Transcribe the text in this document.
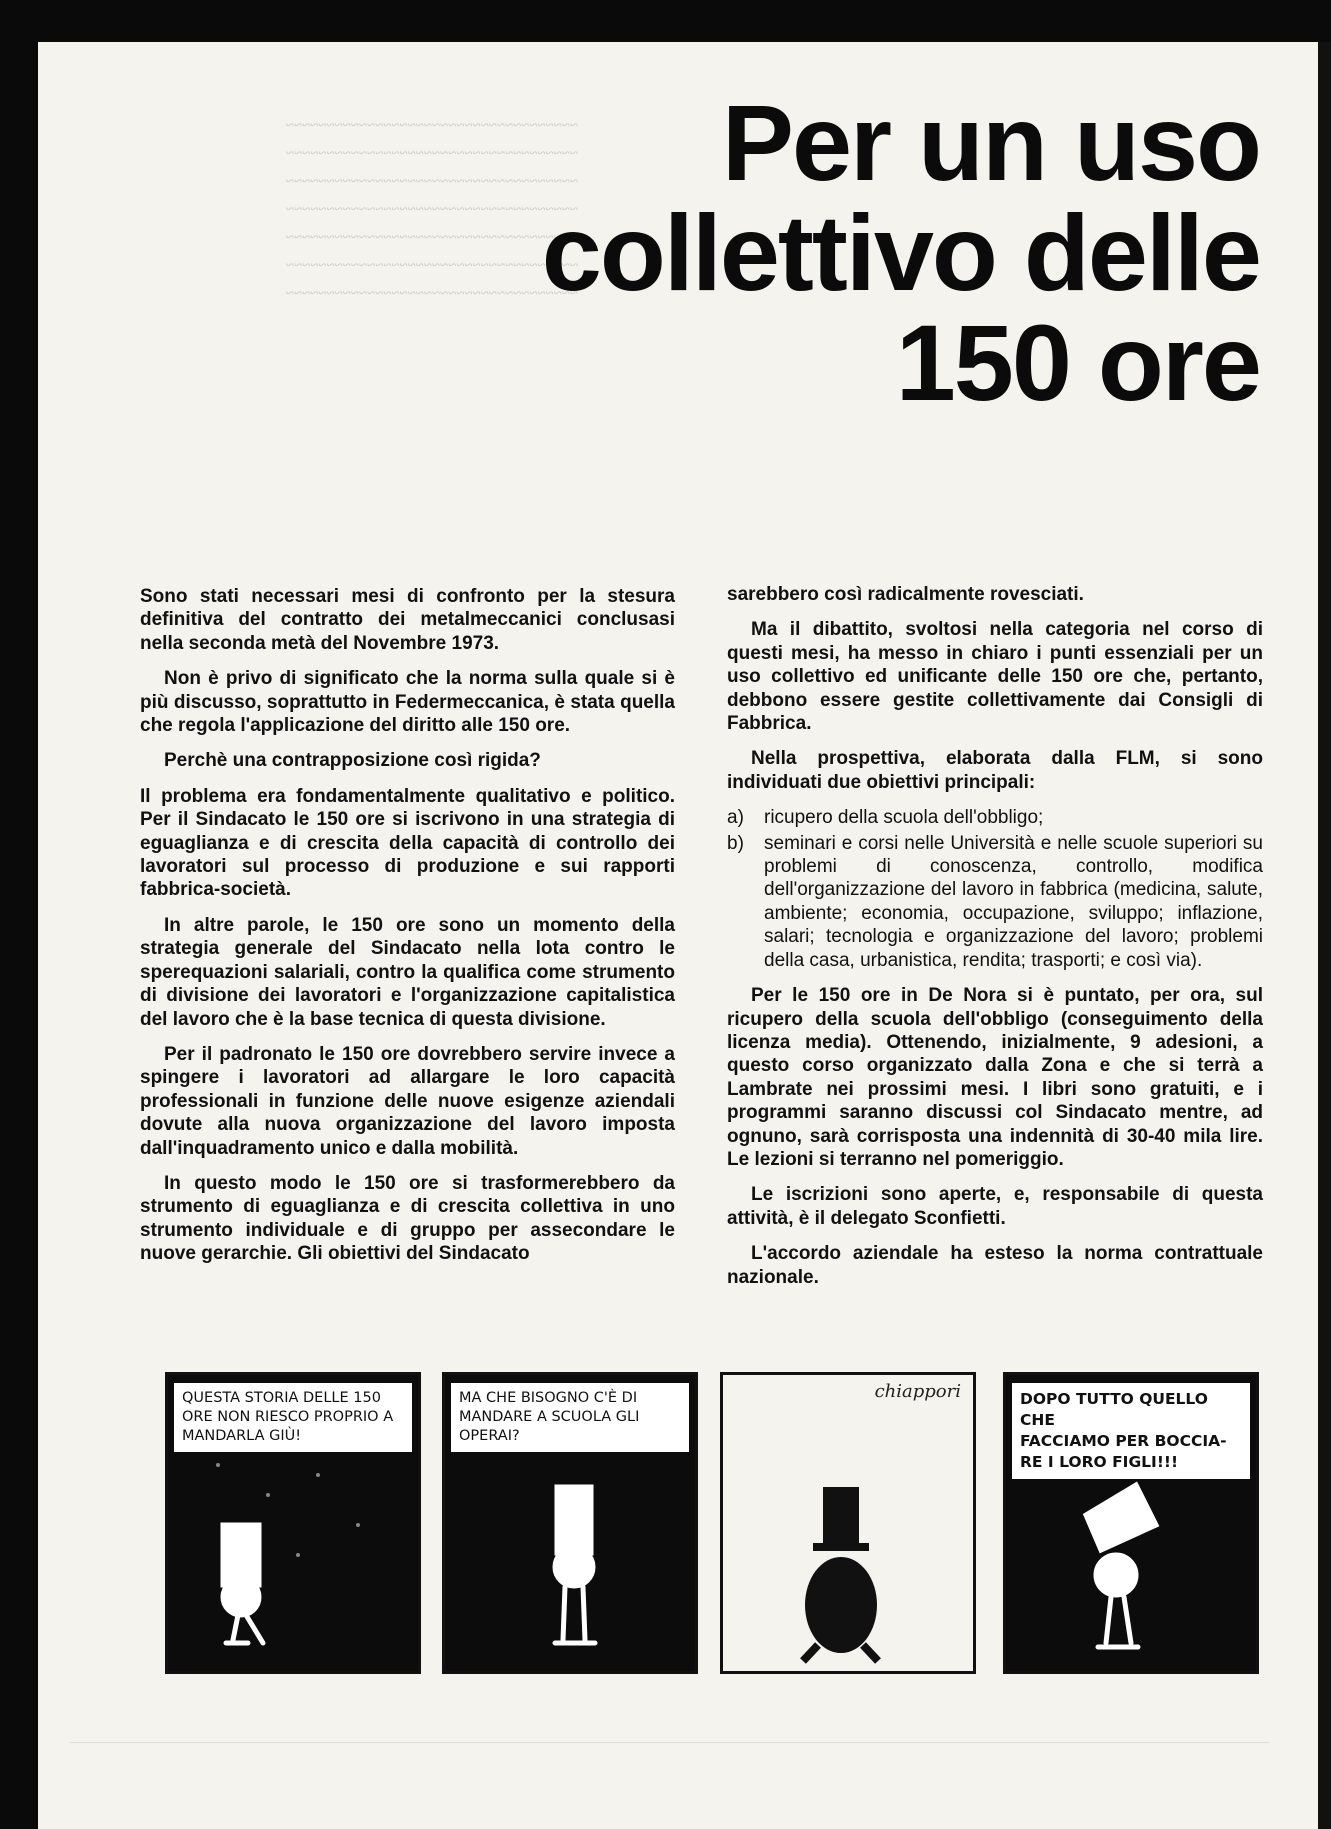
~~~~~~~~~~~~~~~~~~~~~~~~~~~~~~~~~~~~
~~~~~~~~~~~~~~~~~~~~~~~~~~~~~~~~~~~~
~~~~~~~~~~~~~~~~~~~~~~~~~~~~~~~~~~~~
~~~~~~~~~~~~~~~~~~~~~~~~~~~~~~~~~~~~
~~~~~~~~~~~~~~~~~~~~~~~~~~~~~~~~~~~~
~~~~~~~~~~~~~~~~~~~~~~~~~~~~~~~~~~~~
~~~~~~~~~~~~~~~~~~~~~~~~~~~~~~~~~~~~
Per un uso
collettivo delle
150 ore

Sono stati necessari mesi di confronto per la stesura definitiva del contratto dei metalmeccanici conclusasi nella seconda metà del Novembre 1973.

Non è privo di significato che la norma sulla quale si è più discusso, soprattutto in Federmeccanica, è stata quella che regola l'applicazione del diritto alle 150 ore.

Perchè una contrapposizione così rigida?

Il problema era fondamentalmente qualitativo e politico. Per il Sindacato le 150 ore si iscrivono in una strategia di eguaglianza e di crescita della capacità di controllo dei lavoratori sul processo di produzione e sui rapporti fabbrica-società.

In altre parole, le 150 ore sono un momento della strategia generale del Sindacato nella lota contro le sperequazioni salariali, contro la qualifica come strumento di divisione dei lavoratori e l'organizzazione capitalistica del lavoro che è la base tecnica di questa divisione.

Per il padronato le 150 ore dovrebbero servire invece a spingere i lavoratori ad allargare le loro capacità professionali in funzione delle nuove esigenze aziendali dovute alla nuova organizzazione del lavoro imposta dall'inquadramento unico e dalla mobilità.

In questo modo le 150 ore si trasformerebbero da strumento di eguaglianza e di crescita collettiva in uno strumento individuale e di gruppo per assecondare le nuove gerarchie. Gli obiettivi del Sindacato

sarebbero così radicalmente rovesciati.

Ma il dibattito, svoltosi nella categoria nel corso di questi mesi, ha messo in chiaro i punti essenziali per un uso collettivo ed unificante delle 150 ore che, pertanto, debbono essere gestite collettivamente dai Consigli di Fabbrica.

Nella prospettiva, elaborata dalla FLM, si sono individuati due obiettivi principali:

a) ricupero della scuola dell'obbligo;
b) seminari e corsi nelle Università e nelle scuole superiori su problemi di conoscenza, controllo, modifica dell'organizzazione del lavoro in fabbrica (medicina, salute, ambiente; economia, occupazione, sviluppo; inflazione, salari; tecnologia e organizzazione del lavoro; problemi della casa, urbanistica, rendita; trasporti; e così via).

Per le 150 ore in De Nora si è puntato, per ora, sul ricupero della scuola dell'obbligo (conseguimento della licenza media). Ottenendo, inizialmente, 9 adesioni, a questo corso organizzato dalla Zona e che si terrà a Lambrate nei prossimi mesi. I libri sono gratuiti, e i programmi saranno discussi col Sindacato mentre, ad ognuno, sarà corrisposta una indennità di 30-40 mila lire. Le lezioni si terranno nel pomeriggio.

Le iscrizioni sono aperte, e, responsabile di questa attività, è il delegato Sconfietti.

L'accordo aziendale ha esteso la norma contrattuale nazionale.

QUESTA STORIA DELLE 150
ORE NON RIESCO PROPRIO A
MANDARLA GIÙ!
MA CHE BISOGNO C'È DI
MANDARE A SCUOLA GLI
OPERAI?
chiappori	DOPO TUTTO QUELLO CHE
FACCIAMO PER BOCCIA-
RE I LORO FIGLI!!!
